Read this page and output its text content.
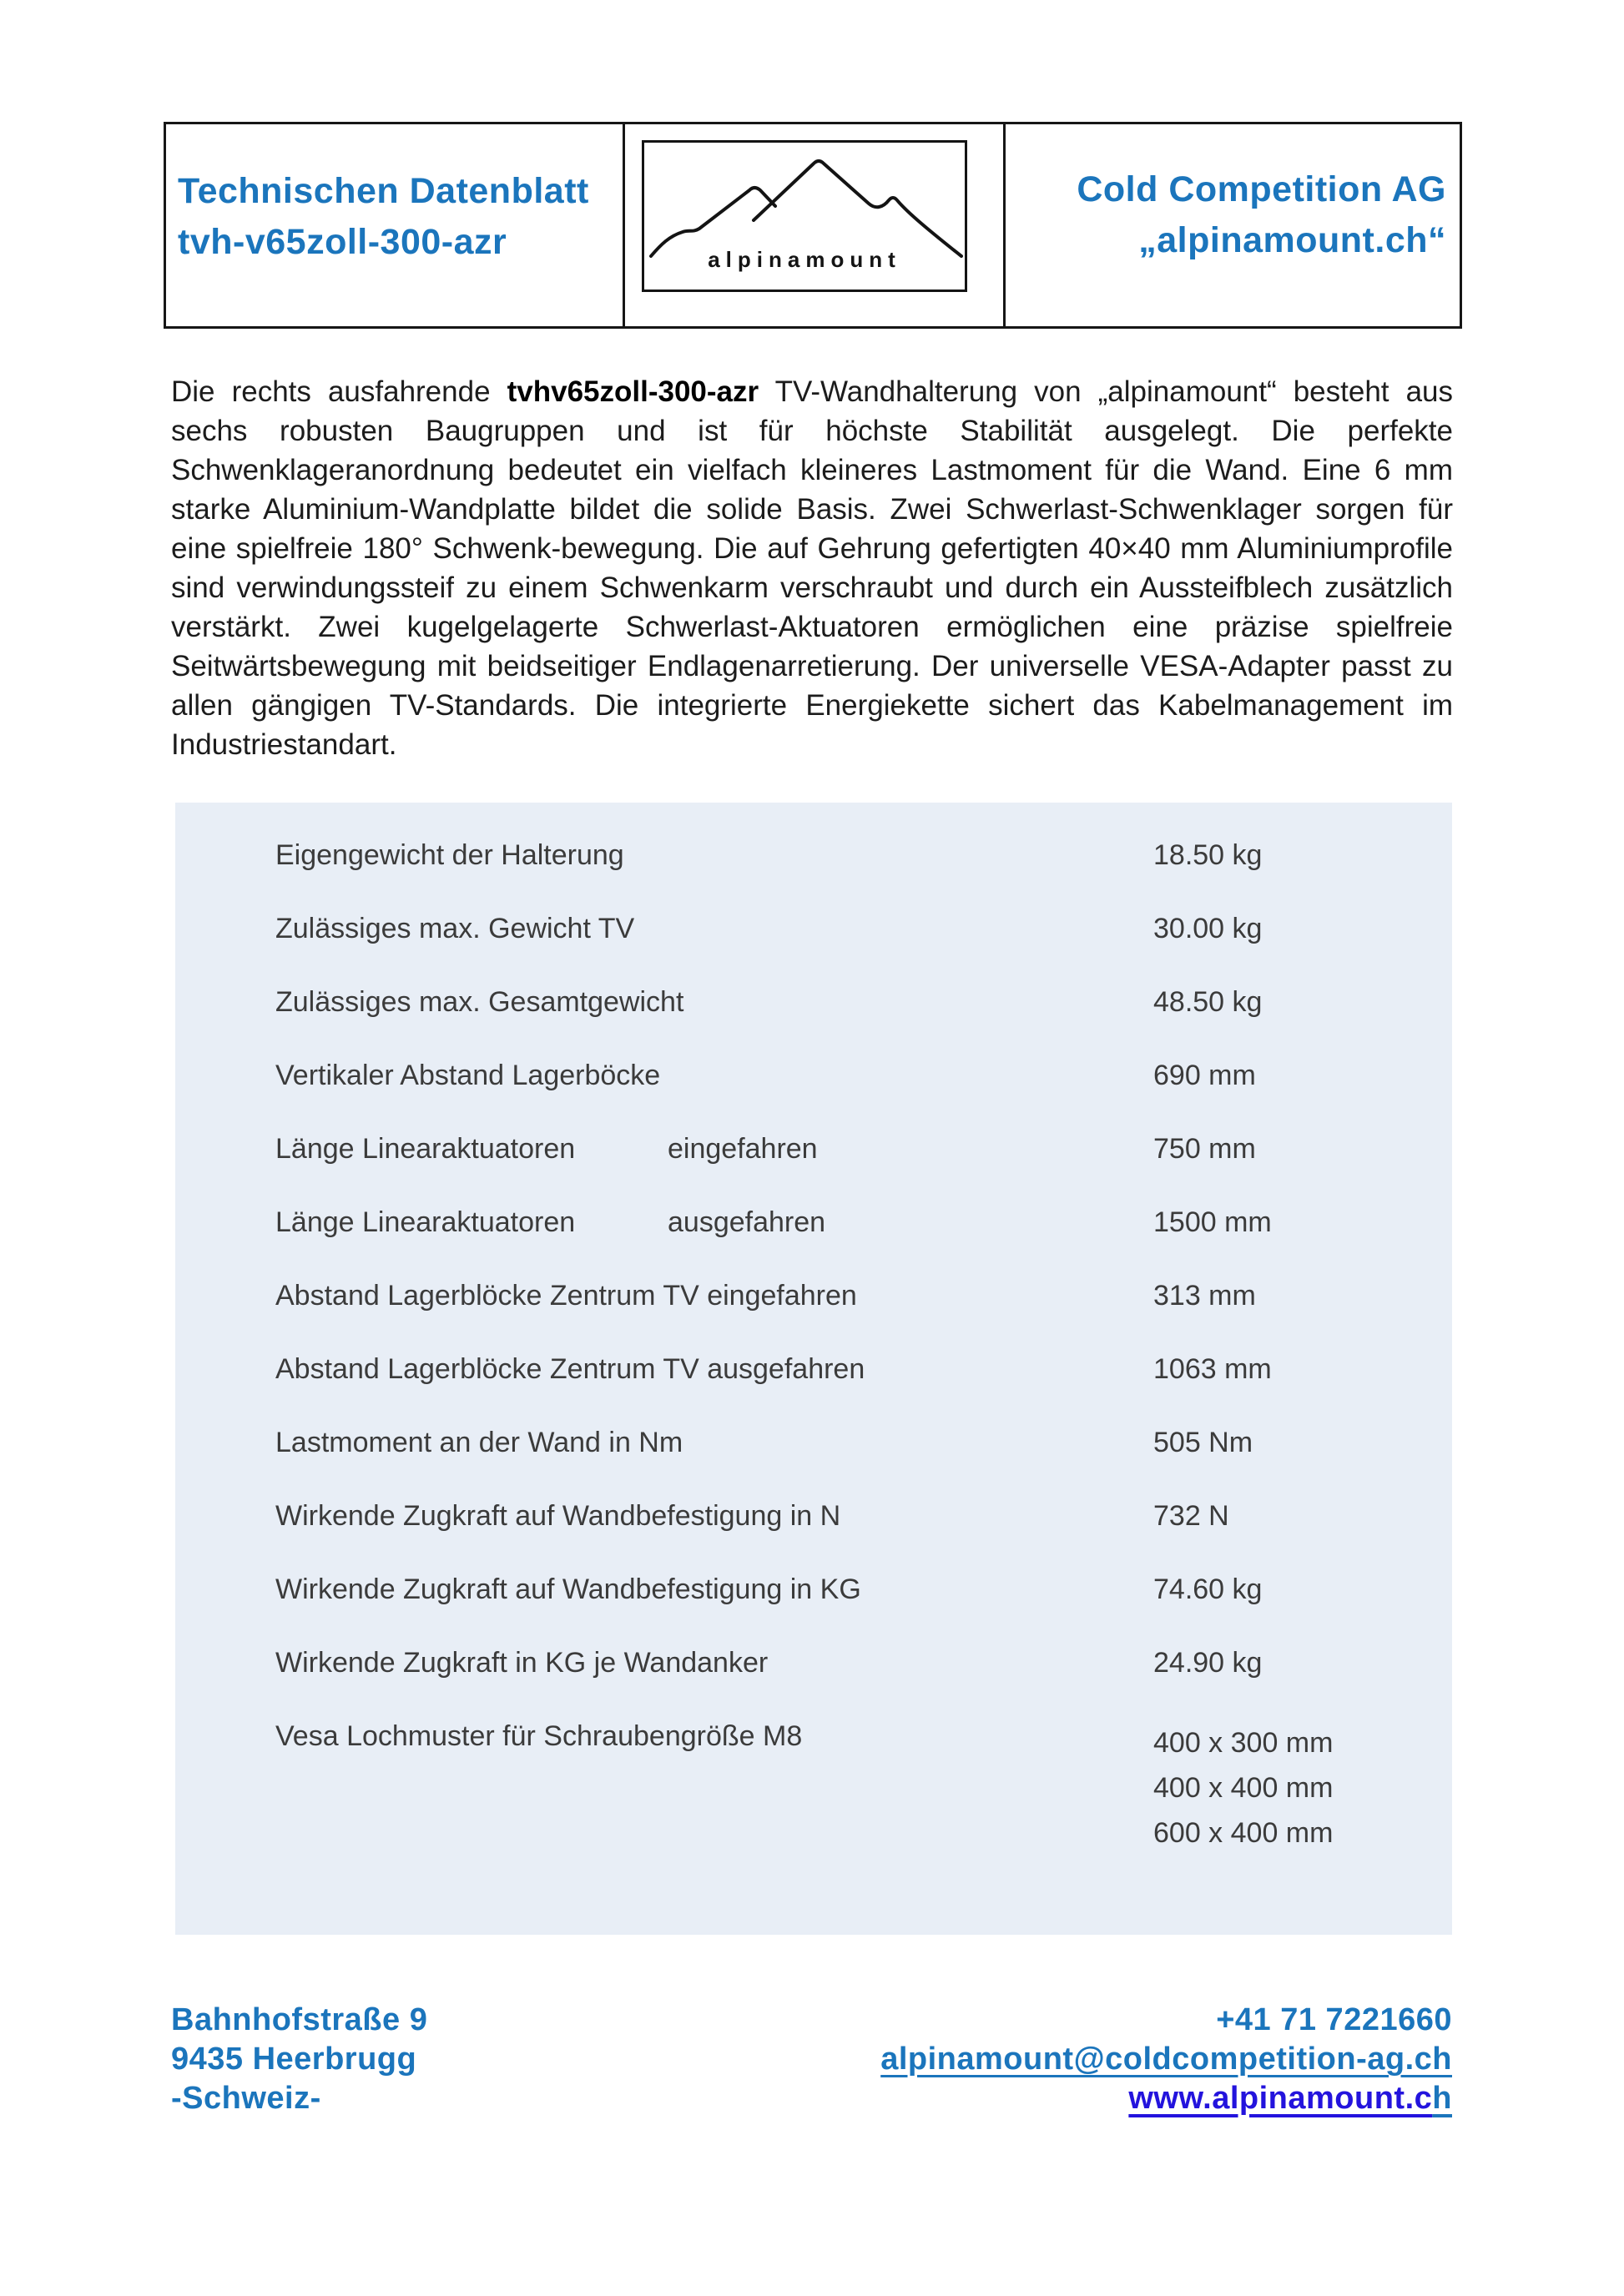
Technischen Datenblatt
tvh-v65zoll-300-azr	alpinamount
Cold Competition AG
„alpinamount.ch“

Die rechts ausfahrende tvhv65zoll-300-azr TV-Wandhalterung von „alpinamount“ besteht aus sechs robusten Baugruppen und ist für höchste Stabilität ausgelegt. Die perfekte Schwenklageranordnung bedeutet ein vielfach kleineres Lastmoment für die Wand. Eine 6 mm starke Aluminium-Wandplatte bildet die solide Basis. Zwei Schwerlast-Schwenklager sorgen für eine spielfreie 180° Schwenk-bewegung. Die auf Gehrung gefertigten 40×40 mm Aluminiumprofile sind verwindungssteif zu einem Schwenkarm verschraubt und durch ein Aussteifblech zusätzlich verstärkt. Zwei kugelgelagerte Schwerlast-Aktuatoren ermöglichen eine präzise spielfreie Seitwärtsbewegung mit beidseitiger Endlagenarretierung. Der universelle VESA-Adapter passt zu allen gängigen TV-Standards. Die integrierte Energiekette sichert das Kabelmanagement im Industriestandart.

Eigengewicht der Halterung	18.50 kg
Zulässiges max. Gewicht TV	30.00 kg
Zulässiges max. Gesamtgewicht	48.50 kg
Vertikaler Abstand Lagerböcke	690 mm
Länge Linearaktuatoren	eingefahren	750 mm
Länge Linearaktuatoren	ausgefahren	1500 mm
Abstand Lagerblöcke Zentrum TV eingefahren	313 mm
Abstand Lagerblöcke Zentrum TV ausgefahren	1063 mm
Lastmoment an der Wand in Nm	505 Nm
Wirkende Zugkraft auf Wandbefestigung in N	732 N
Wirkende Zugkraft auf Wandbefestigung in KG	74.60 kg
Wirkende Zugkraft in KG je Wandanker	24.90 kg
Vesa Lochmuster für Schraubengröße M8	400 x 300 mm
400 x 400 mm
600 x 400 mm
Bahnhofstraße 9
9435 Heerbrugg
-Schweiz-
+41 71 7221660
alpinamount@coldcompetition-ag.ch
www.alpinamount.ch
